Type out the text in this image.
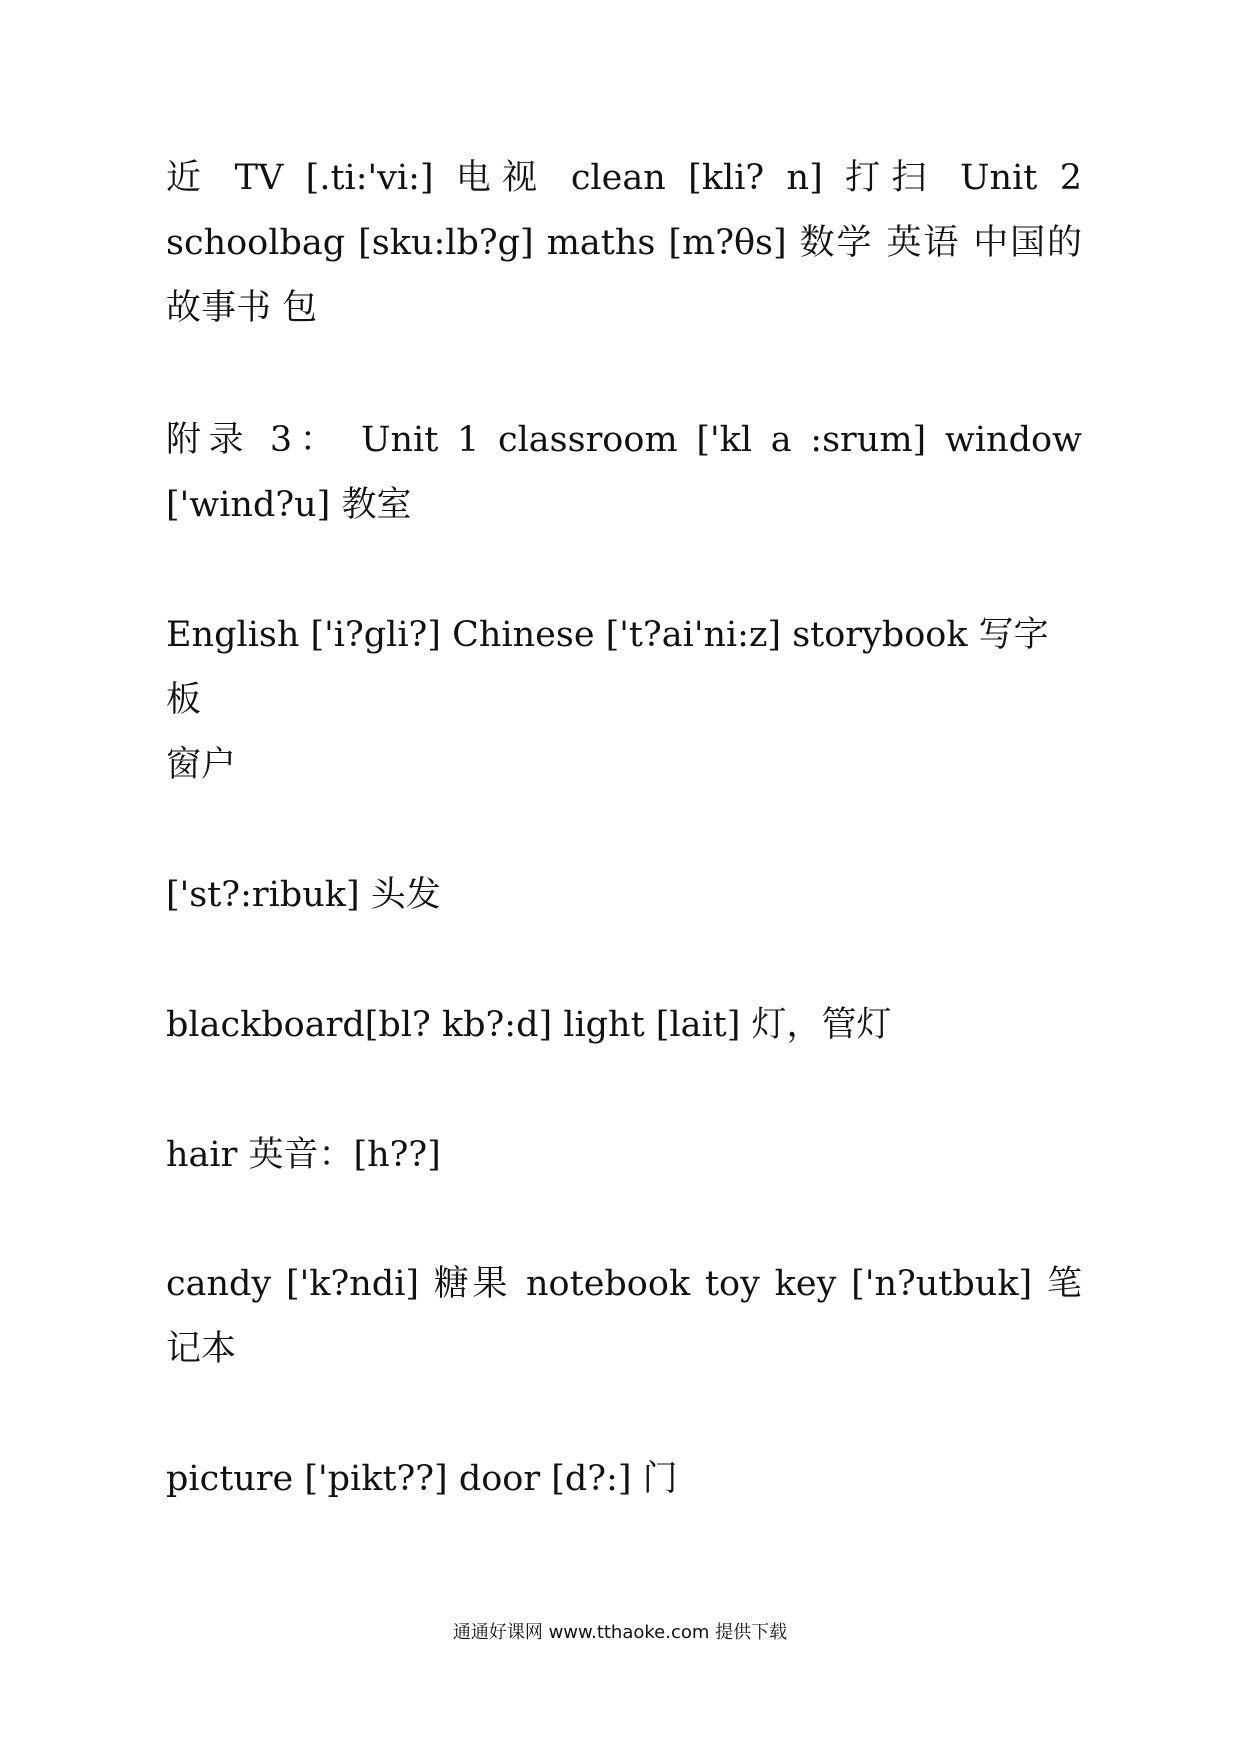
近 TV [.ti:'vi:] 电视 clean [kli? n] 打扫 Unit 2 schoolbag [sku:lb?g] maths [m?θs] 数学 英语 中国的 故事书 包

附录 3： Unit 1 classroom ['kl a :srum] window ['wind?u] 教室

English ['i?gli?] Chinese ['t?ai'ni:z] storybook 写字板

窗户

['st?:ribuk] 头发

blackboard[bl? kb?:d] light [lait] 灯，管灯

hair 英音：[h??]

candy ['k?ndi] 糖果 notebook toy key ['n?utbuk] 笔记本

picture ['pikt??] door [d?:] 门

通通好课网 www.tthaoke.com 提供下载
